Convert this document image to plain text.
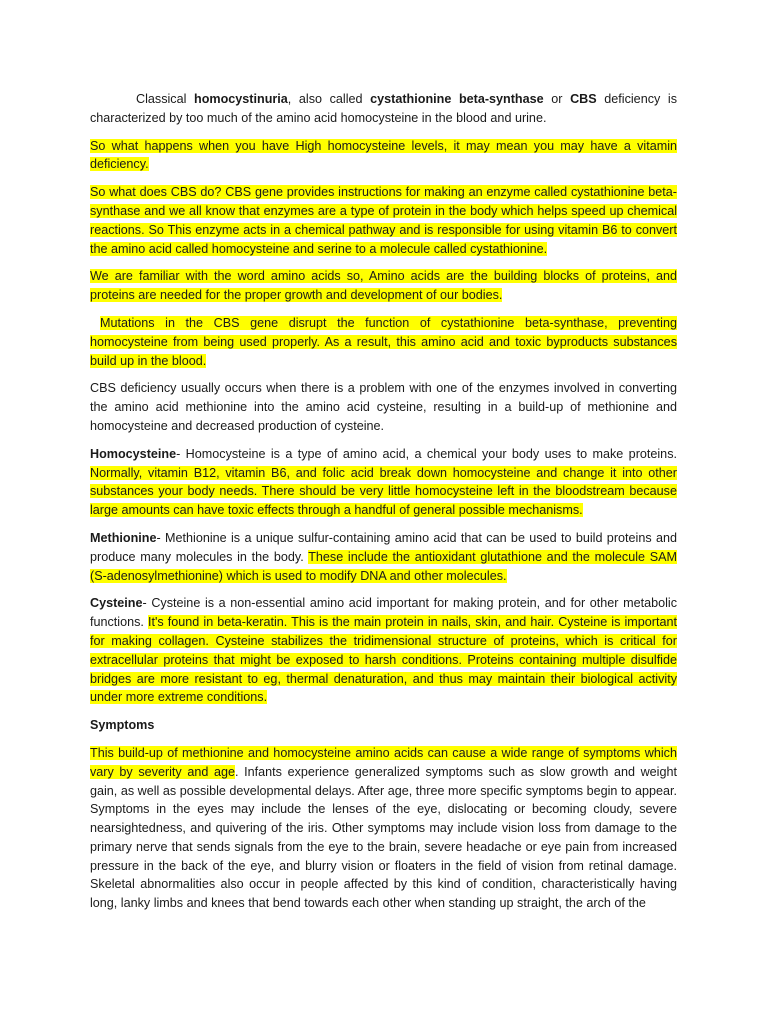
Classical homocystinuria, also called cystathionine beta-synthase or CBS deficiency is characterized by too much of the amino acid homocysteine in the blood and urine.

So what happens when you have High homocysteine levels, it may mean you may have a vitamin deficiency.

So what does CBS do? CBS gene provides instructions for making an enzyme called cystathionine beta-synthase and we all know that enzymes are a type of protein in the body which helps speed up chemical reactions. So This enzyme acts in a chemical pathway and is responsible for using vitamin B6 to convert the amino acid called homocysteine and serine to a molecule called cystathionine.

We are familiar with the word amino acids so, Amino acids are the building blocks of proteins, and proteins are needed for the proper growth and development of our bodies.

Mutations in the CBS gene disrupt the function of cystathionine beta-synthase, preventing homocysteine from being used properly. As a result, this amino acid and toxic byproducts substances build up in the blood.

CBS deficiency usually occurs when there is a problem with one of the enzymes involved in converting the amino acid methionine into the amino acid cysteine, resulting in a build-up of methionine and homocysteine and decreased production of cysteine.

Homocysteine- Homocysteine is a type of amino acid, a chemical your body uses to make proteins. Normally, vitamin B12, vitamin B6, and folic acid break down homocysteine and change it into other substances your body needs. There should be very little homocysteine left in the bloodstream because large amounts can have toxic effects through a handful of general possible mechanisms.

Methionine- Methionine is a unique sulfur-containing amino acid that can be used to build proteins and produce many molecules in the body. These include the antioxidant glutathione and the molecule SAM (S-adenosylmethionine) which is used to modify DNA and other molecules.

Cysteine- Cysteine is a non-essential amino acid important for making protein, and for other metabolic functions. It's found in beta-keratin. This is the main protein in nails, skin, and hair. Cysteine is important for making collagen. Cysteine stabilizes the tridimensional structure of proteins, which is critical for extracellular proteins that might be exposed to harsh conditions. Proteins containing multiple disulfide bridges are more resistant to eg, thermal denaturation, and thus may maintain their biological activity under more extreme conditions.

Symptoms

This build-up of methionine and homocysteine amino acids can cause a wide range of symptoms which vary by severity and age. Infants experience generalized symptoms such as slow growth and weight gain, as well as possible developmental delays. After age, three more specific symptoms begin to appear. Symptoms in the eyes may include the lenses of the eye, dislocating or becoming cloudy, severe nearsightedness, and quivering of the iris. Other symptoms may include vision loss from damage to the primary nerve that sends signals from the eye to the brain, severe headache or eye pain from increased pressure in the back of the eye, and blurry vision or floaters in the field of vision from retinal damage. Skeletal abnormalities also occur in people affected by this kind of condition, characteristically having long, lanky limbs and knees that bend towards each other when standing up straight, the arch of the
